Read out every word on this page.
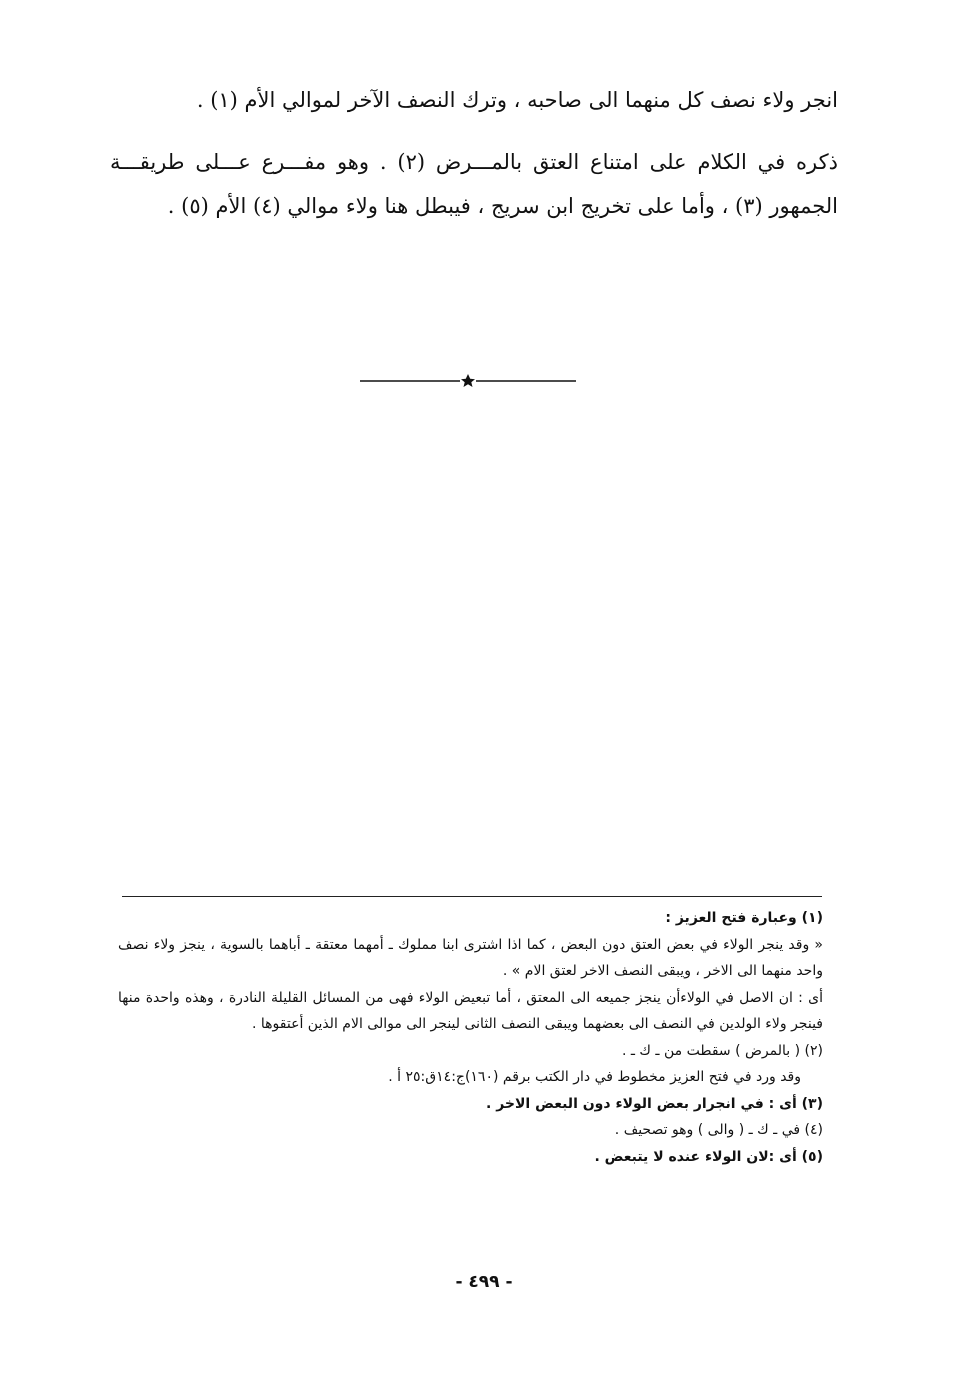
انجر ولاء نصف كل منهما الى صاحبه ، وترك النصف الآخر لموالي الأم (١) .

ذكره في الكلام على امتناع العتق بالمـــرض (٢) . وهو مفـــرع عـــلى طريقـــة الجمهور (٣) ، وأما على تخريج ابن سريج ، فيبطل هنا ولاء موالي (٤) الأم (٥) .

(١) وعبارة فتح العزيز :

« وقد ينجر الولاء في بعض العتق دون البعض ، كما اذا اشترى ابنا مملوك ـ أمهما معتقة ـ أباهما بالسوية ، ينجز ولاء نصف واحد منهما الى الاخر ، ويبقى النصف الاخر لعتق الام » .

أى : ان الاصل في الولاءأن ينجز جميعه الى المعتق ، أما تبعيض الولاء فهى من المسائل القليلة النادرة ، وهذه واحدة منها فينجر ولاء الولدين في النصف الى بعضهما ويبقى النصف الثانى لينجر الى موالى الام الذين أعتقوها .

(٢) ( بالمرض ) سقطت من ـ ك ـ .

وقد ورد في فتح العزيز مخطوط في دار الكتب برقم (١٦٠)ج:١٤ق:٢٥ أ .

(٣) أى : في انجرار بعض الولاء دون البعض الاخر .

(٤) في ـ ك ـ ( والى ) وهو تصحيف .

(٥) أى :لان الولاء عنده لا يتبعض .

- ٤٩٩ -
